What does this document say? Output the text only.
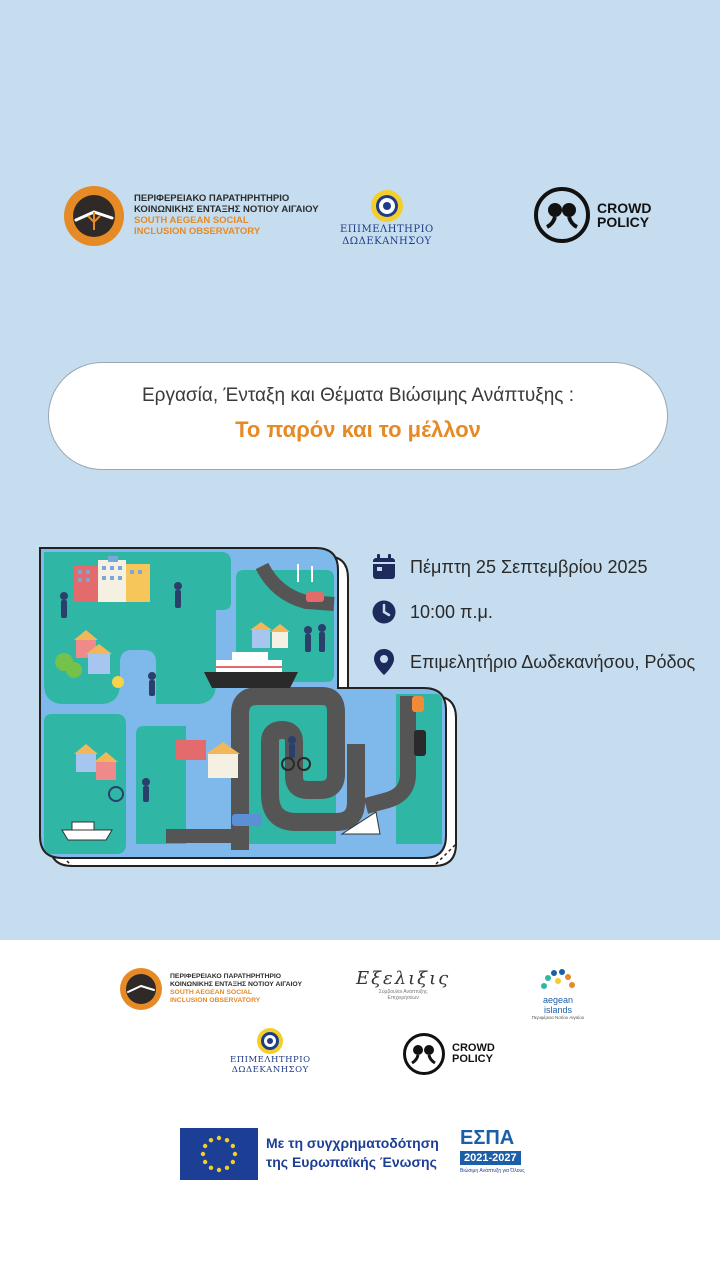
ΠΕΡΙΦΕΡΕΙΑΚΟ ΠΑΡΑΤΗΡΗΤΗΡΙΟ
ΚΟΙΝΩΝΙΚΗΣ ΕΝΤΑΞΗΣ ΝΟΤΙΟΥ ΑΙΓΑΙΟΥ
SOUTH AEGEAN SOCIAL
INCLUSION OBSERVATORY	ΕΠΙΜΕΛΗΤΗΡΙΟ
ΔΩΔΕΚΑΝΗΣΟΥ
CROWD
POLICY
Εργασία, Ένταξη και Θέματα Βιώσιμης Ανάπτυξης :
Το παρόν και το μέλλον
Πέμπτη 25 Σεπτεμβρίου 2025
10:00 π.μ.
Επιμελητήριο Δωδεκανήσου, Ρόδος
ΠΕΡΙΦΕΡΕΙΑΚΟ ΠΑΡΑΤΗΡΗΤΗΡΙΟ
ΚΟΙΝΩΝΙΚΗΣ ΕΝΤΑΞΗΣ ΝΟΤΙΟΥ ΑΙΓΑΙΟΥ
SOUTH AEGEAN SOCIAL
INCLUSION OBSERVATORY
Εξελιξις
Σύμβουλοι Ανάπτυξης
Επιχειρήσεων	aegean islands
Περιφέρεια Νοτίου Αιγαίου
ΕΠΙΜΕΛΗΤΗΡΙΟ
ΔΩΔΕΚΑΝΗΣΟΥ
CROWD
POLICY
Με τη συγχρηματοδότηση
της Ευρωπαϊκής Ένωσης
ΕΣΠΑ
2021-2027
Βιώσιμη Ανάπτυξη για Όλους
